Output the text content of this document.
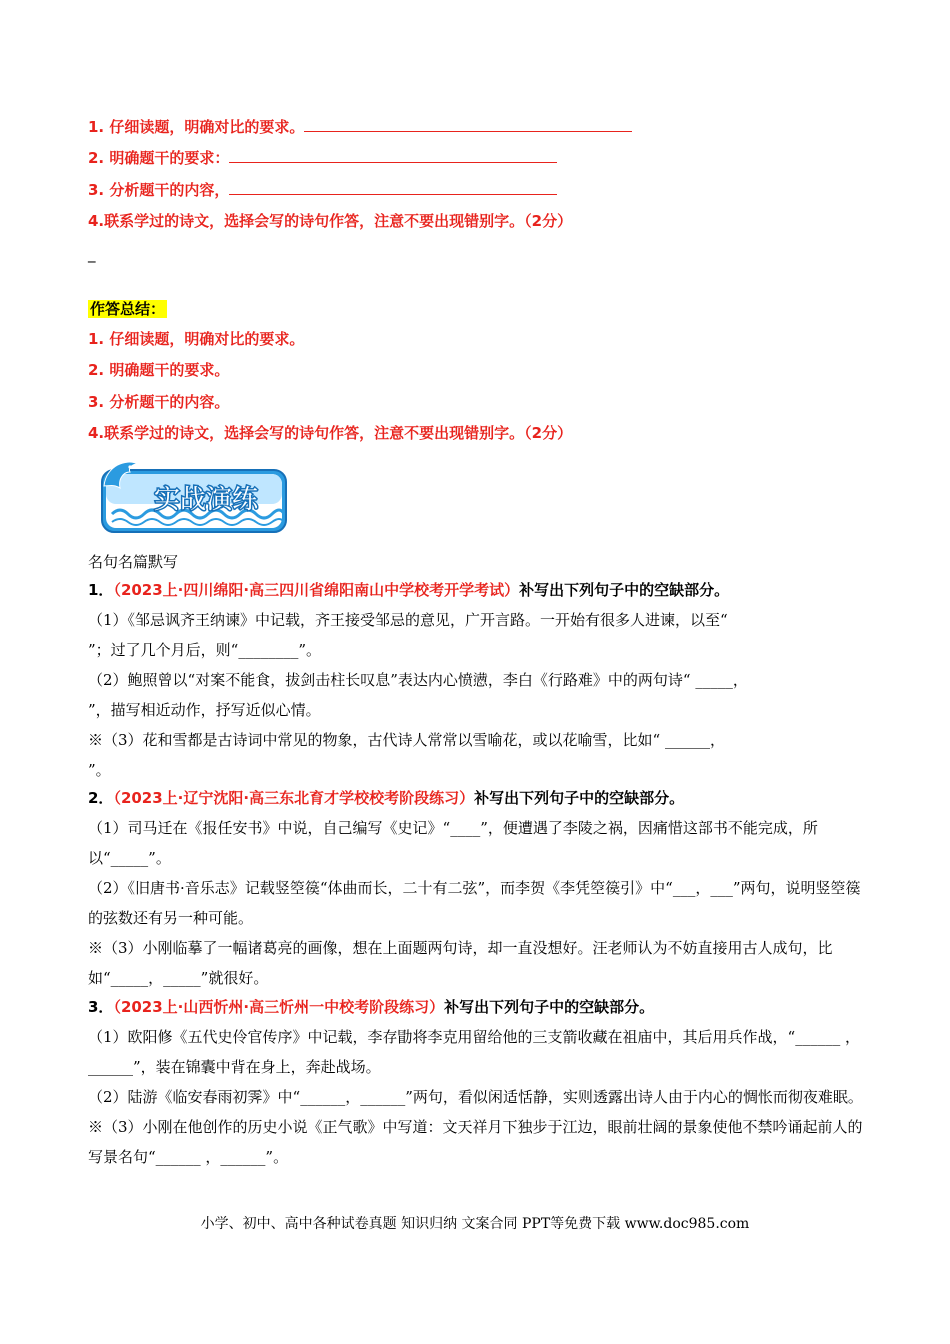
1. 仔细读题，明确对比的要求。
2. 明确题干的要求：
3. 分析题干的内容，
4.联系学过的诗文，选择会写的诗句作答，注意不要出现错别字。（2分）
_
作答总结：
1. 仔细读题，明确对比的要求。
2. 明确题干的要求。
3. 分析题干的内容。
4.联系学过的诗文，选择会写的诗句作答，注意不要出现错别字。（2分）
实战演练
名句名篇默写
1．（2023上·四川绵阳·高三四川省绵阳南山中学校考开学考试）补写出下列句子中的空缺部分。
（1）《邹忌讽齐王纳谏》中记载，齐王接受邹忌的意见，广开言路。一开始有很多人进谏，以至“
”；过了几个月后，则“________”。
（2）鲍照曾以“对案不能食，拔剑击柱长叹息”表达内心愤懑，李白《行路难》中的两句诗“ _____，
”，描写相近动作，抒写近似心情。
※（3）花和雪都是古诗词中常见的物象，古代诗人常常以雪喻花，或以花喻雪，比如“ ______，
”。
2．（2023上·辽宁沈阳·高三东北育才学校校考阶段练习）补写出下列句子中的空缺部分。
（1）司马迁在《报任安书》中说，自己编写《史记》“____”，便遭遇了李陵之祸，因痛惜这部书不能完成，所以“_____”。
（2）《旧唐书·音乐志》记载竖箜篌“体曲而长，二十有二弦”，而李贺《李凭箜篌引》中“___，___”两句，说明竖箜篌的弦数还有另一种可能。
※（3）小刚临摹了一幅诸葛亮的画像，想在上面题两句诗，却一直没想好。汪老师认为不妨直接用古人成句，比如“_____，_____”就很好。
3．（2023上·山西忻州·高三忻州一中校考阶段练习）补写出下列句子中的空缺部分。
（1）欧阳修《五代史伶官传序》中记载，李存勖将李克用留给他的三支箭收藏在祖庙中，其后用兵作战，“______ ，______”，装在锦囊中背在身上，奔赴战场。
（2）陆游《临安春雨初霁》中“______，______”两句，看似闲适恬静，实则透露出诗人由于内心的惆怅而彻夜难眠。
※（3）小刚在他创作的历史小说《正气歌》中写道：文天祥月下独步于江边，眼前壮阔的景象使他不禁吟诵起前人的写景名句“______ ，______”。
小学、初中、高中各种试卷真题 知识归纳 文案合同 PPT等免费下载 www.doc985.com
